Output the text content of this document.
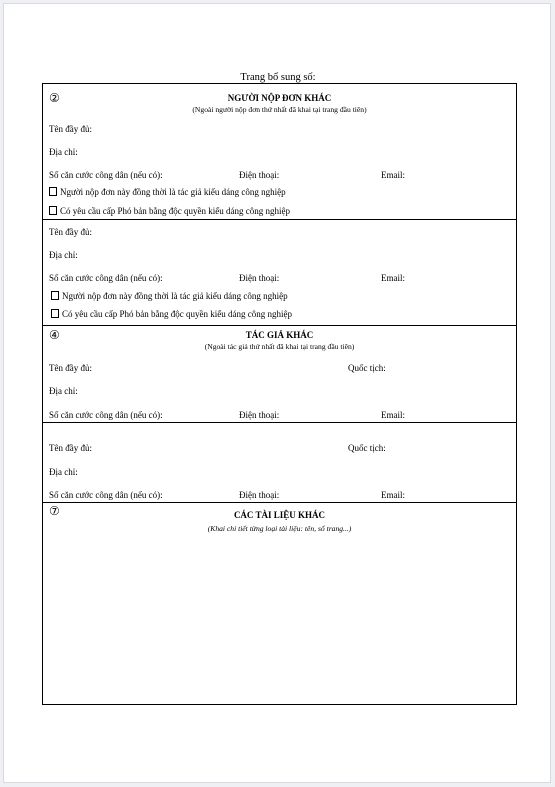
Trang bổ sung số:
②	NGƯỜI NỘP ĐƠN KHÁC
(Ngoài người nộp đơn thứ nhất đã khai tại trang đầu tiên)
Tên đầy đủ:
Địa chỉ:
Số căn cước công dân (nếu có):	Điện thoại:	Email:
Người nộp đơn này đồng thời là tác giả kiểu dáng công nghiệp
Có yêu cầu cấp Phó bản bằng độc quyền kiểu dáng công nghiệp
Tên đầy đủ:
Địa chỉ:
Số căn cước công dân (nếu có):	Điện thoại:	Email:
Người nộp đơn này đồng thời là tác giả kiểu dáng công nghiệp
Có yêu cầu cấp Phó bản bằng độc quyền kiểu dáng công nghiệp
④	TÁC GIẢ KHÁC
(Ngoài tác giả thứ nhất đã khai tại trang đầu tiên)
Tên đầy đủ:	Quốc tịch:
Địa chỉ:
Số căn cước công dân (nếu có):	Điện thoại:	Email:
Tên đầy đủ:	Quốc tịch:
Địa chỉ:
Số căn cước công dân (nếu có):	Điện thoại:	Email:
⑦	CÁC TÀI LIỆU KHÁC
(Khai chi tiết từng loại tài liệu: tên, số trang...)
